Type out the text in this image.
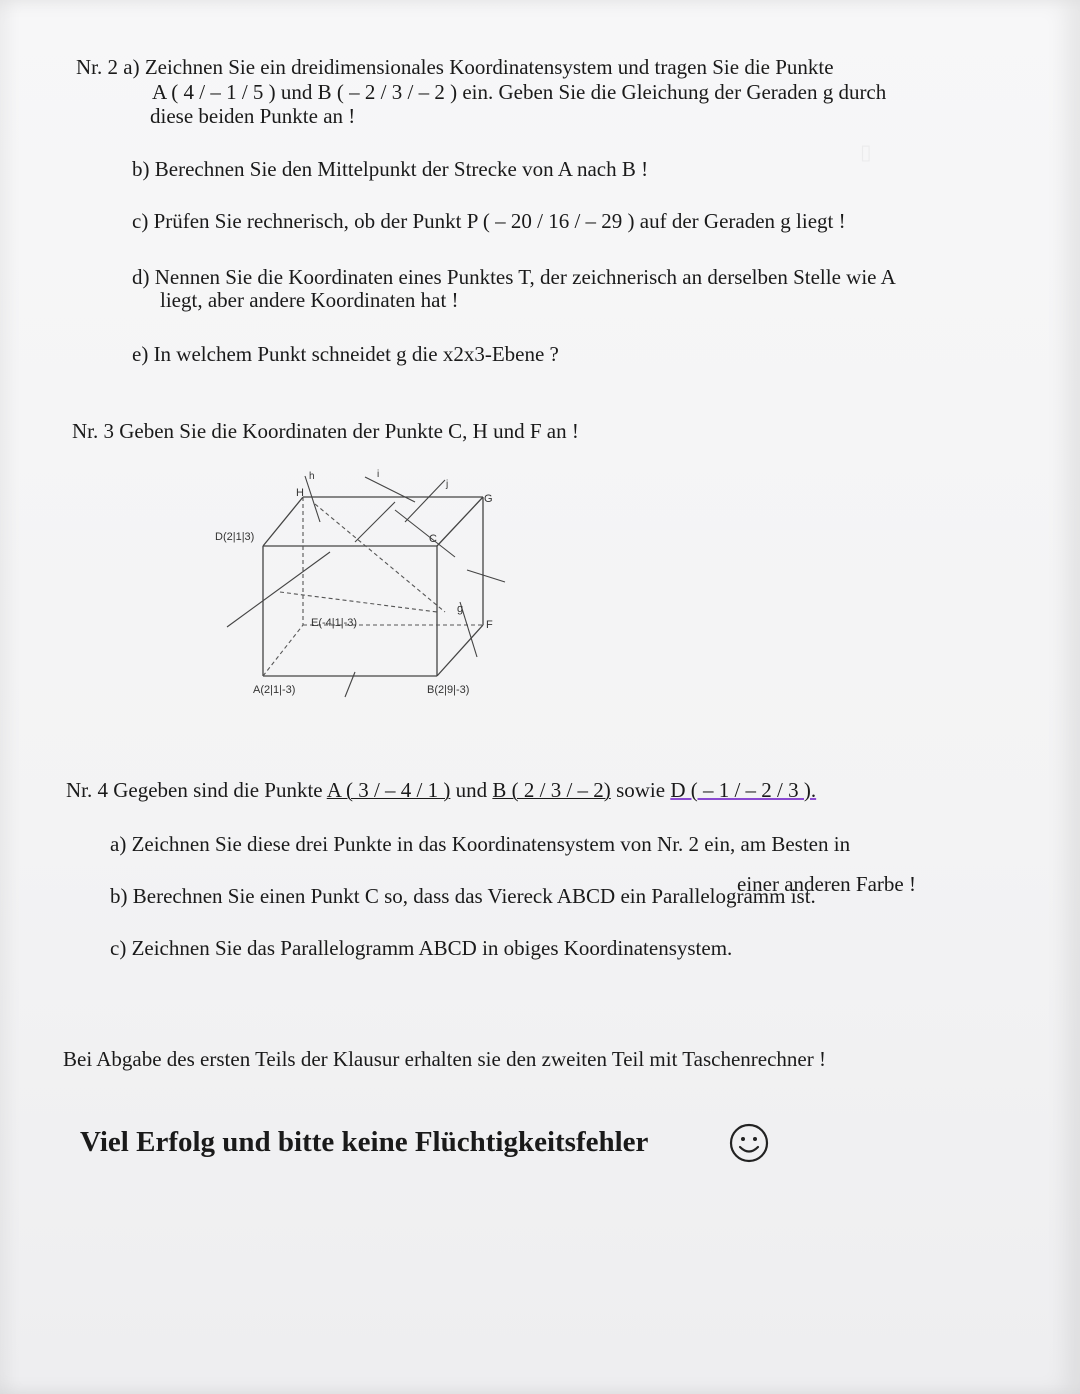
▯
Nr. 2 a) Zeichnen Sie ein dreidimensionales Koordinatensystem und tragen Sie die Punkte
A ( 4 / – 1 / 5 ) und B ( – 2 / 3 / – 2 ) ein. Geben Sie die Gleichung der Geraden g durch
diese beiden Punkte an !
b) Berechnen Sie den Mittelpunkt der Strecke von A nach B !
c) Prüfen Sie rechnerisch, ob der Punkt P ( – 20 / 16 / – 29 ) auf der Geraden g liegt !
d) Nennen Sie die Koordinaten eines Punktes T, der zeichnerisch an derselben Stelle wie A
liegt, aber andere Koordinaten hat !
e) In welchem Punkt schneidet g die x2x3-Ebene ?
Nr. 3 Geben Sie die Koordinaten der Punkte C, H und F an !
D(2|1|3)
H
h	i
j
G
C
g
F
E(-4|1|-3)
A(2|1|-3)	B(2|9|-3)
Nr. 4 Gegeben sind die Punkte A ( 3 / – 4 / 1 ) und B ( 2 / 3 / – 2) sowie D ( – 1 / – 2 / 3 ).
a) Zeichnen Sie diese drei Punkte in das Koordinatensystem von Nr. 2 ein, am Besten in
einer anderen Farbe !
b) Berechnen Sie einen Punkt C so, dass das Viereck ABCD ein Parallelogramm ist.
c) Zeichnen Sie das Parallelogramm ABCD in obiges Koordinatensystem.
Bei Abgabe des ersten Teils der Klausur erhalten sie den zweiten Teil mit Taschenrechner !
Viel Erfolg und bitte keine Flüchtigkeitsfehler
